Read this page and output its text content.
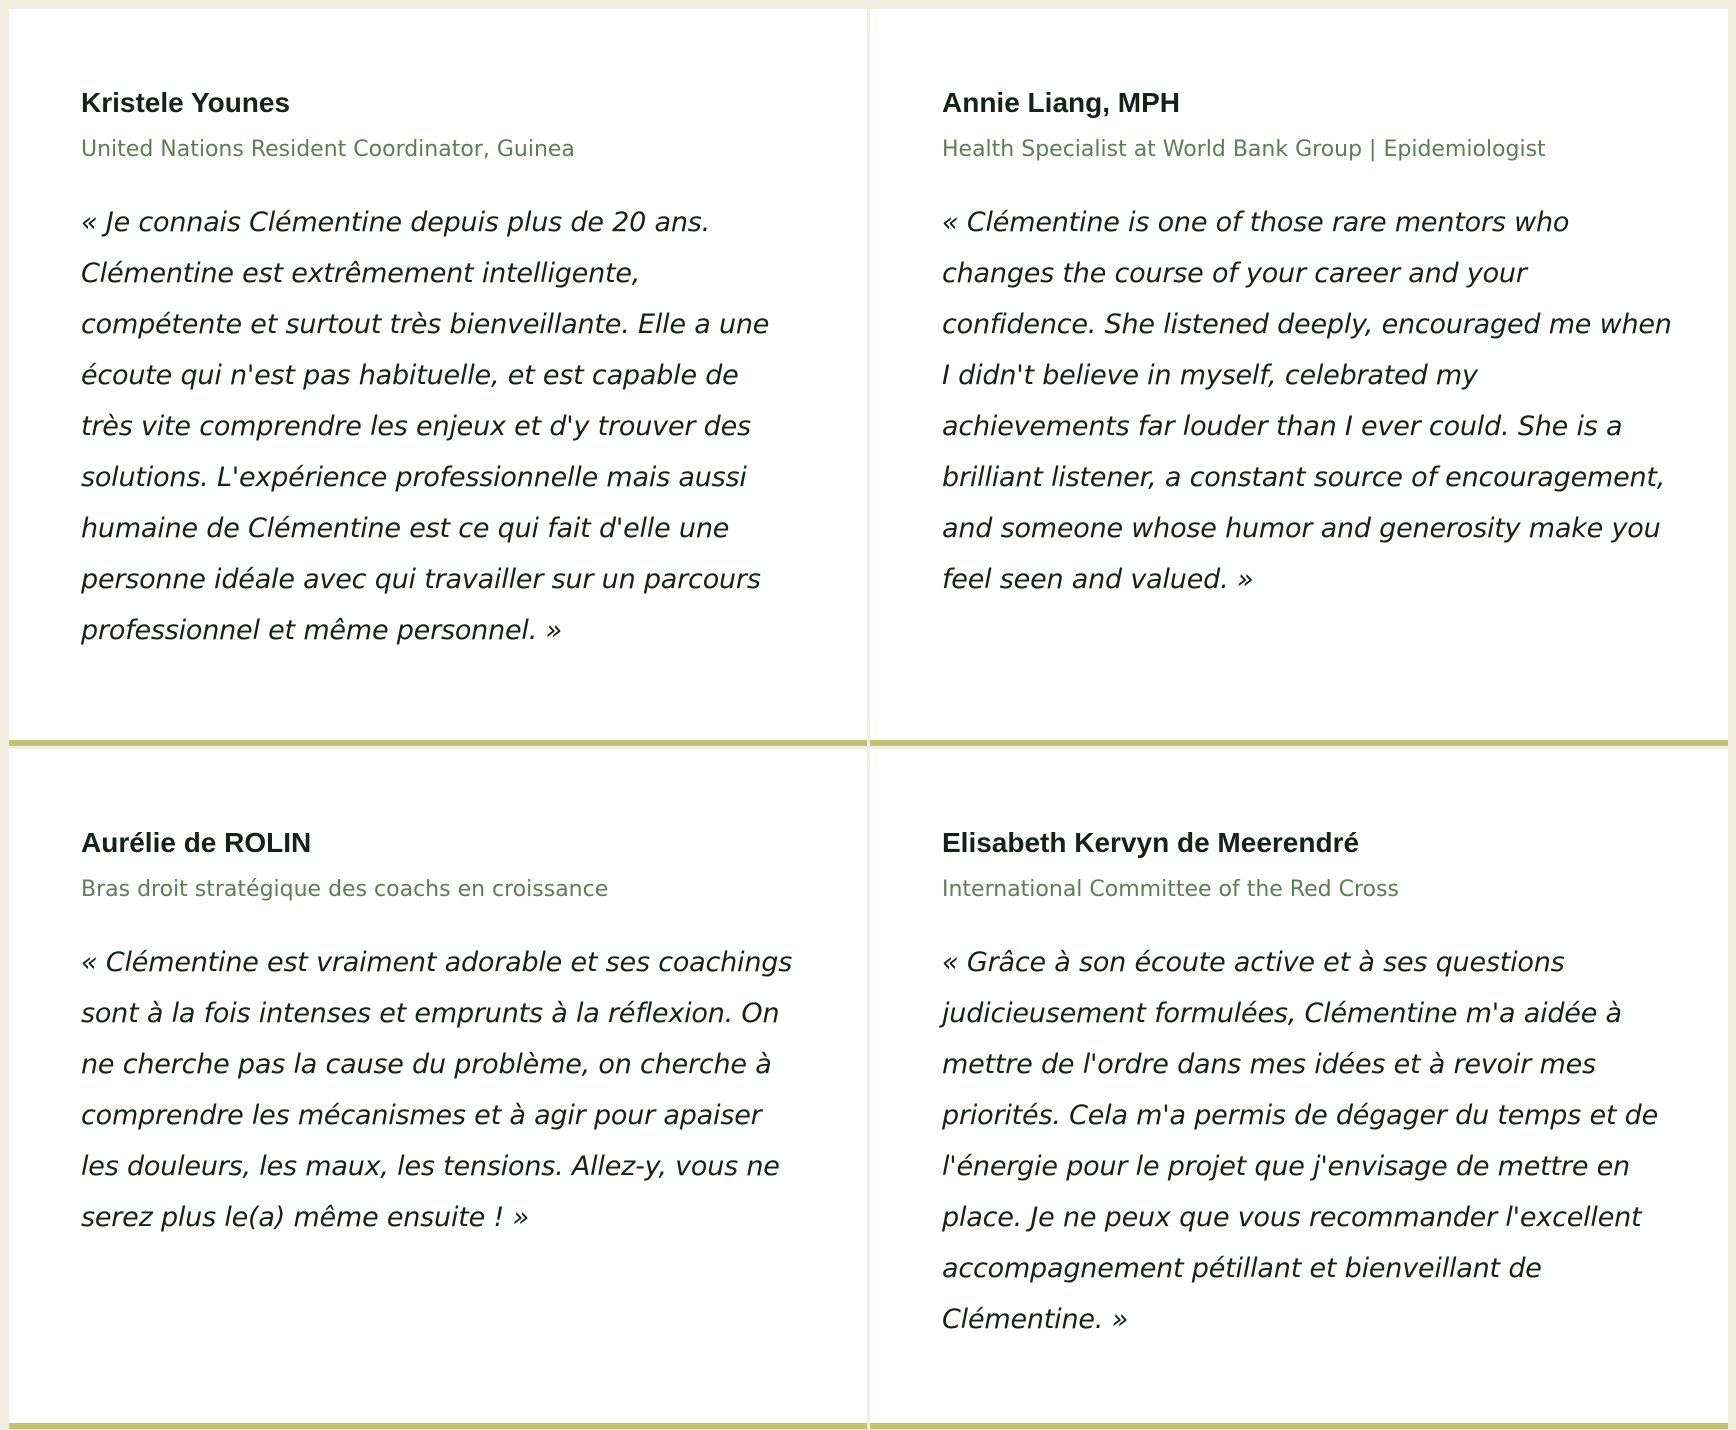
Kristele Younes

United Nations Resident Coordinator, Guinea

« Je connais Clémentine depuis plus de 20 ans. Clémentine est extrêmement intelligente, compétente et surtout très bienveillante. Elle a une écoute qui n'est pas habituelle, et est capable de très vite comprendre les enjeux et d'y trouver des solutions. L'expérience professionnelle mais aussi humaine de Clémentine est ce qui fait d'elle une personne idéale avec qui travailler sur un parcours professionnel et même personnel. »

Annie Liang, MPH

Health Specialist at World Bank Group | Epidemiologist

« Clémentine is one of those rare mentors who changes the course of your career and your confidence. She listened deeply, encouraged me when I didn't believe in myself, celebrated my achievements far louder than I ever could. She is a brilliant listener, a constant source of encouragement, and someone whose humor and generosity make you feel seen and valued. »

Aurélie de ROLIN

Bras droit stratégique des coachs en croissance

« Clémentine est vraiment adorable et ses coachings sont à la fois intenses et emprunts à la réflexion. On ne cherche pas la cause du problème, on cherche à comprendre les mécanismes et à agir pour apaiser les douleurs, les maux, les tensions. Allez-y, vous ne serez plus le(a) même ensuite ! »

Elisabeth Kervyn de Meerendré

International Committee of the Red Cross

« Grâce à son écoute active et à ses questions judicieusement formulées, Clémentine m'a aidée à mettre de l'ordre dans mes idées et à revoir mes priorités. Cela m'a permis de dégager du temps et de l'énergie pour le projet que j'envisage de mettre en place. Je ne peux que vous recommander l'excellent accompagnement pétillant et bienveillant de Clémentine. »
